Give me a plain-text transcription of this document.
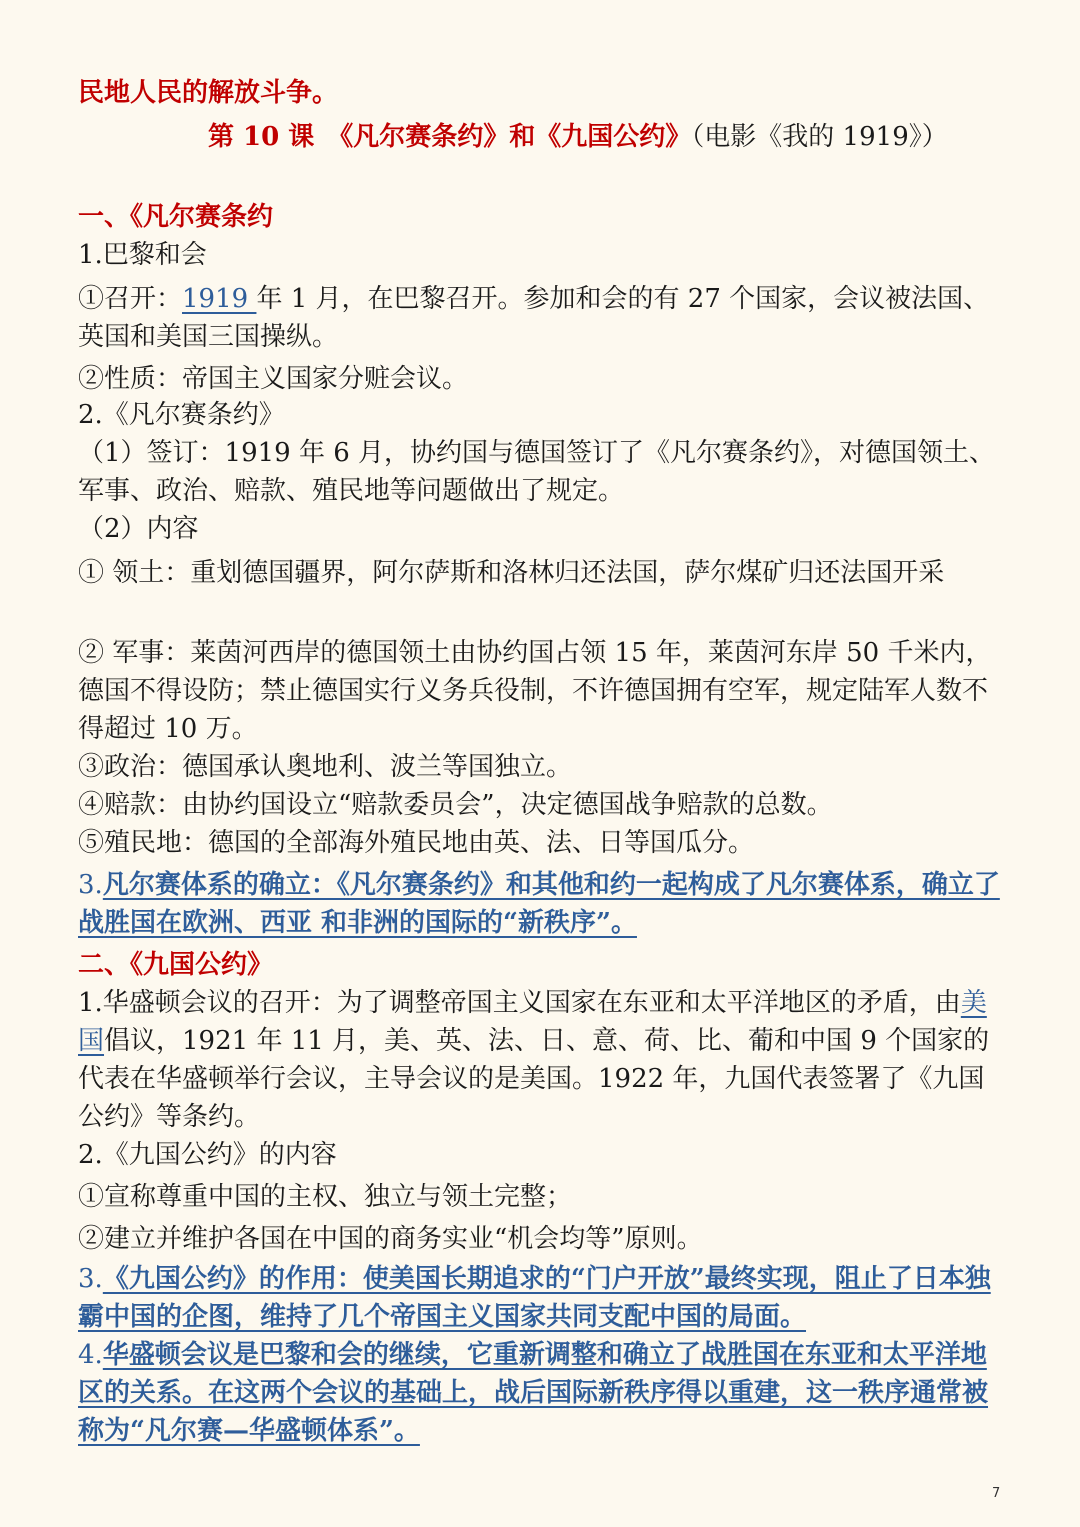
民地人民的解放斗争。
第 10 课　《凡尔赛条约》和《九国公约》（电影《我的 1919》）
一、《凡尔赛条约
1.巴黎和会
①召开：1919 年 1 月，在巴黎召开。参加和会的有 27 个国家，会议被法国、英国和美国三国操纵。
②性质：帝国主义国家分赃会议。
2.《凡尔赛条约》
（1）签订：1919 年 6 月，协约国与德国签订了《凡尔赛条约》，对德国领土、军事、政治、赔款、殖民地等问题做出了规定。
（2）内容
① 领土：重划德国疆界，阿尔萨斯和洛林归还法国，萨尔煤矿归还法国开采
② 军事：莱茵河西岸的德国领土由协约国占领 15 年，莱茵河东岸 50 千米内，德国不得设防；禁止德国实行义务兵役制，不许德国拥有空军，规定陆军人数不得超过 10 万。
③政治：德国承认奥地利、波兰等国独立。
④赔款：由协约国设立“赔款委员会”，决定德国战争赔款的总数。
⑤殖民地：德国的全部海外殖民地由英、法、日等国瓜分。
3.凡尔赛体系的确立：《凡尔赛条约》和其他和约一起构成了凡尔赛体系，确立了战胜国在欧洲、西亚 和非洲的国际的“新秩序”。
二、《九国公约》
1.华盛顿会议的召开：为了调整帝国主义国家在东亚和太平洋地区的矛盾，由美国倡议，1921 年 11 月，美、英、法、日、意、荷、比、葡和中国 9 个国家的代表在华盛顿举行会议，主导会议的是美国。1922 年，九国代表签署了《九国公约》等条约。
2.《九国公约》的内容
①宣称尊重中国的主权、独立与领土完整；
②建立并维护各国在中国的商务实业“机会均等”原则。
3.《九国公约》的作用：使美国长期追求的“门户开放”最终实现，阻止了日本独霸中国的企图，维持了几个帝国主义国家共同支配中国的局面。
4.华盛顿会议是巴黎和会的继续，它重新调整和确立了战胜国在东亚和太平洋地区的关系。在这两个会议的基础上，战后国际新秩序得以重建，这一秩序通常被称为“凡尔赛—华盛顿体系”。
7
